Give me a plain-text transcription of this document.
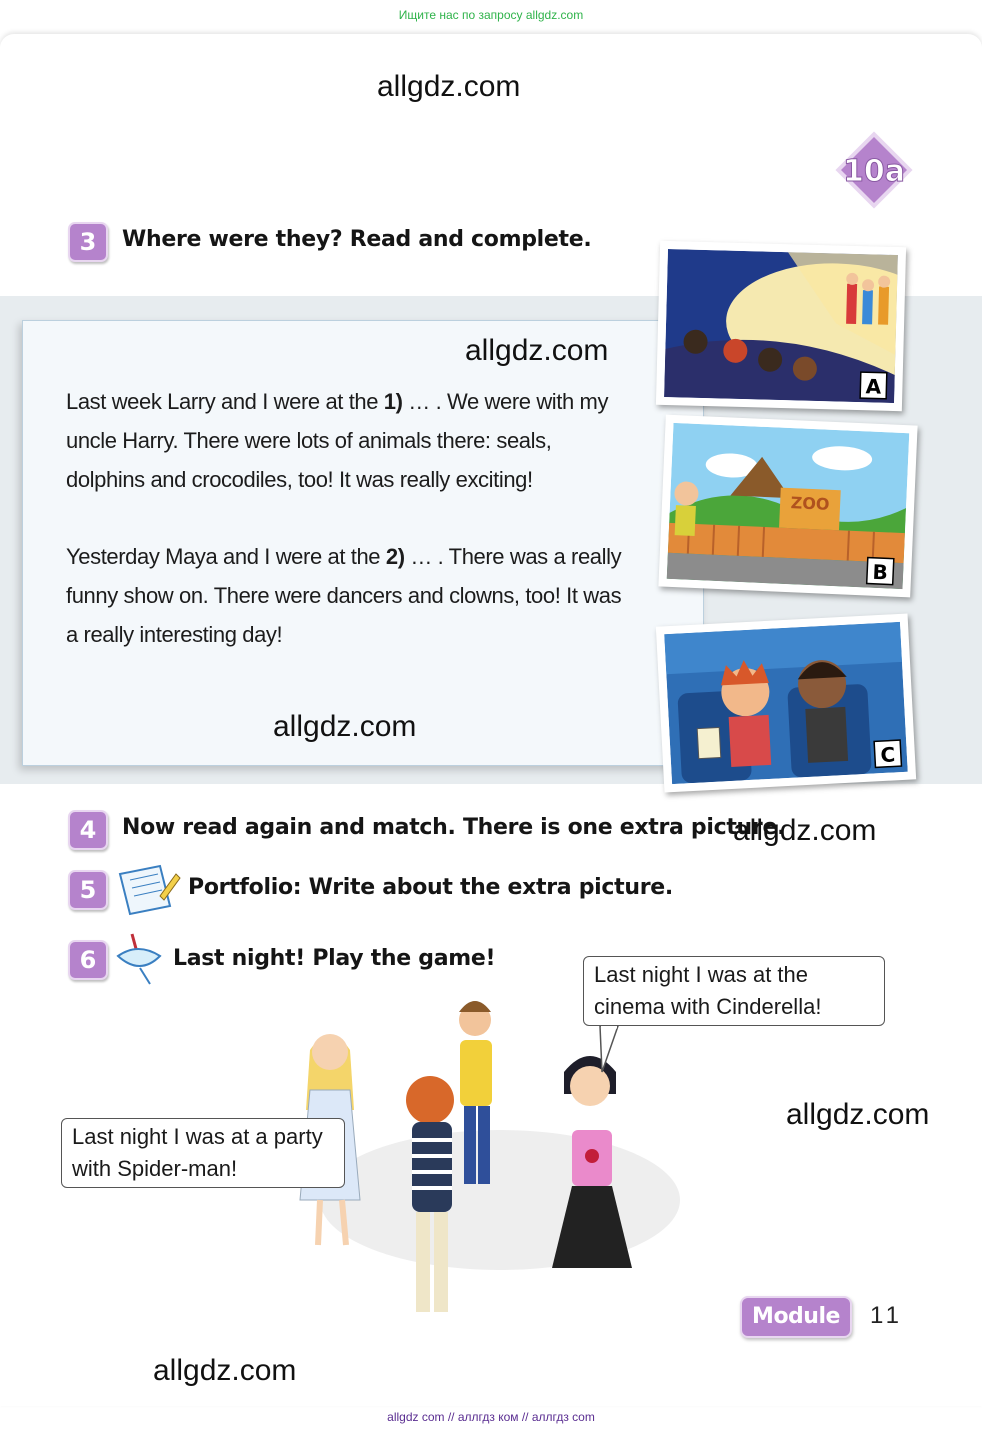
Ищите нас по запросу allgdz.com
allgdz.com
10a
3	Where were they? Read and complete.
allgdz.com
Last week Larry and I were at the 1) … . We were with my uncle Harry. There were lots of animals there: seals, dolphins and crocodiles, too! It was really exciting!
Yesterday Maya and I were at the 2) … . There was a really funny show on. There were dancers and clowns, too! It was a really interesting day!
allgdz.com
A
ZOO
B
C
4	Now read again and match. There is one extra picture.
allgdz.com
5	Portfolio: Write about the extra picture.
6	Last night! Play the game!
Last night I was at the cinema with Cinderella!
Last night I was at a party with Spider-man!
allgdz.com
allgdz.com
Module 5
11
allgdz com // аллгдз ком // аллгдз com
